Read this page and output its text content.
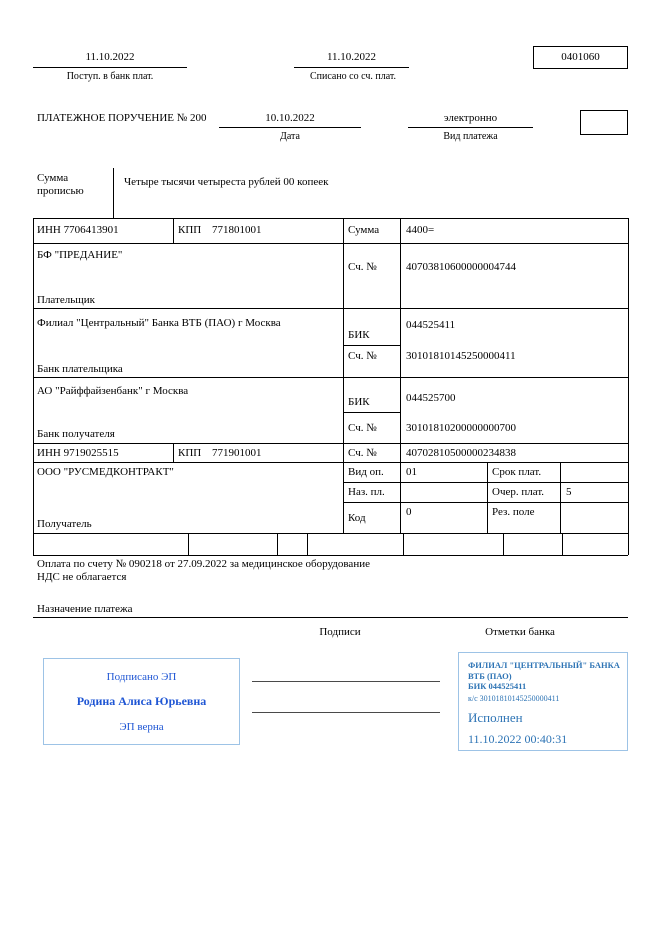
11.10.2022
Поступ. в банк плат.
11.10.2022
Списано со сч. плат.
0401060
ПЛАТЕЖНОЕ ПОРУЧЕНИЕ № 200	10.10.2022
Дата
электронно
Вид платежа
Сумма прописью
Четыре тысячи четыреста рублей 00 копеек
ИНН 7706413901	КПП 771801001	Сумма 4400=
БФ "ПРЕДАНИЕ"
Сч. №	40703810600000004744
Плательщик
Филиал "Центральный" Банка ВТБ (ПАО) г Москва
БИК
044525411
Сч. №	30101810145250000411
Банк плательщика
АО "Райффайзенбанк" г Москва
БИК	044525700
Сч. №	30101810200000000700
Банк получателя
ИНН 9719025515	КПП 771901001	Сч. №	40702810500000234838
ООО "РУСМЕДКОНТРАКТ"
Получатель
Вид оп. 01	Срок плат.
Наз. пл.	Очер. плат. 5
Код	0	Рез. поле
Оплата по счету № 090218 от 27.09.2022 за медицинское оборудование
НДС не облагается
Назначение платежа
Подписи	Отметки банка
Подписано ЭП
Родина Алиса Юрьевна
ЭП верна
ФИЛИАЛ "ЦЕНТРАЛЬНЫЙ" БАНКА
ВТБ (ПАО)
БИК 044525411
к/с 30101810145250000411
Исполнен
11.10.2022 00:40:31
